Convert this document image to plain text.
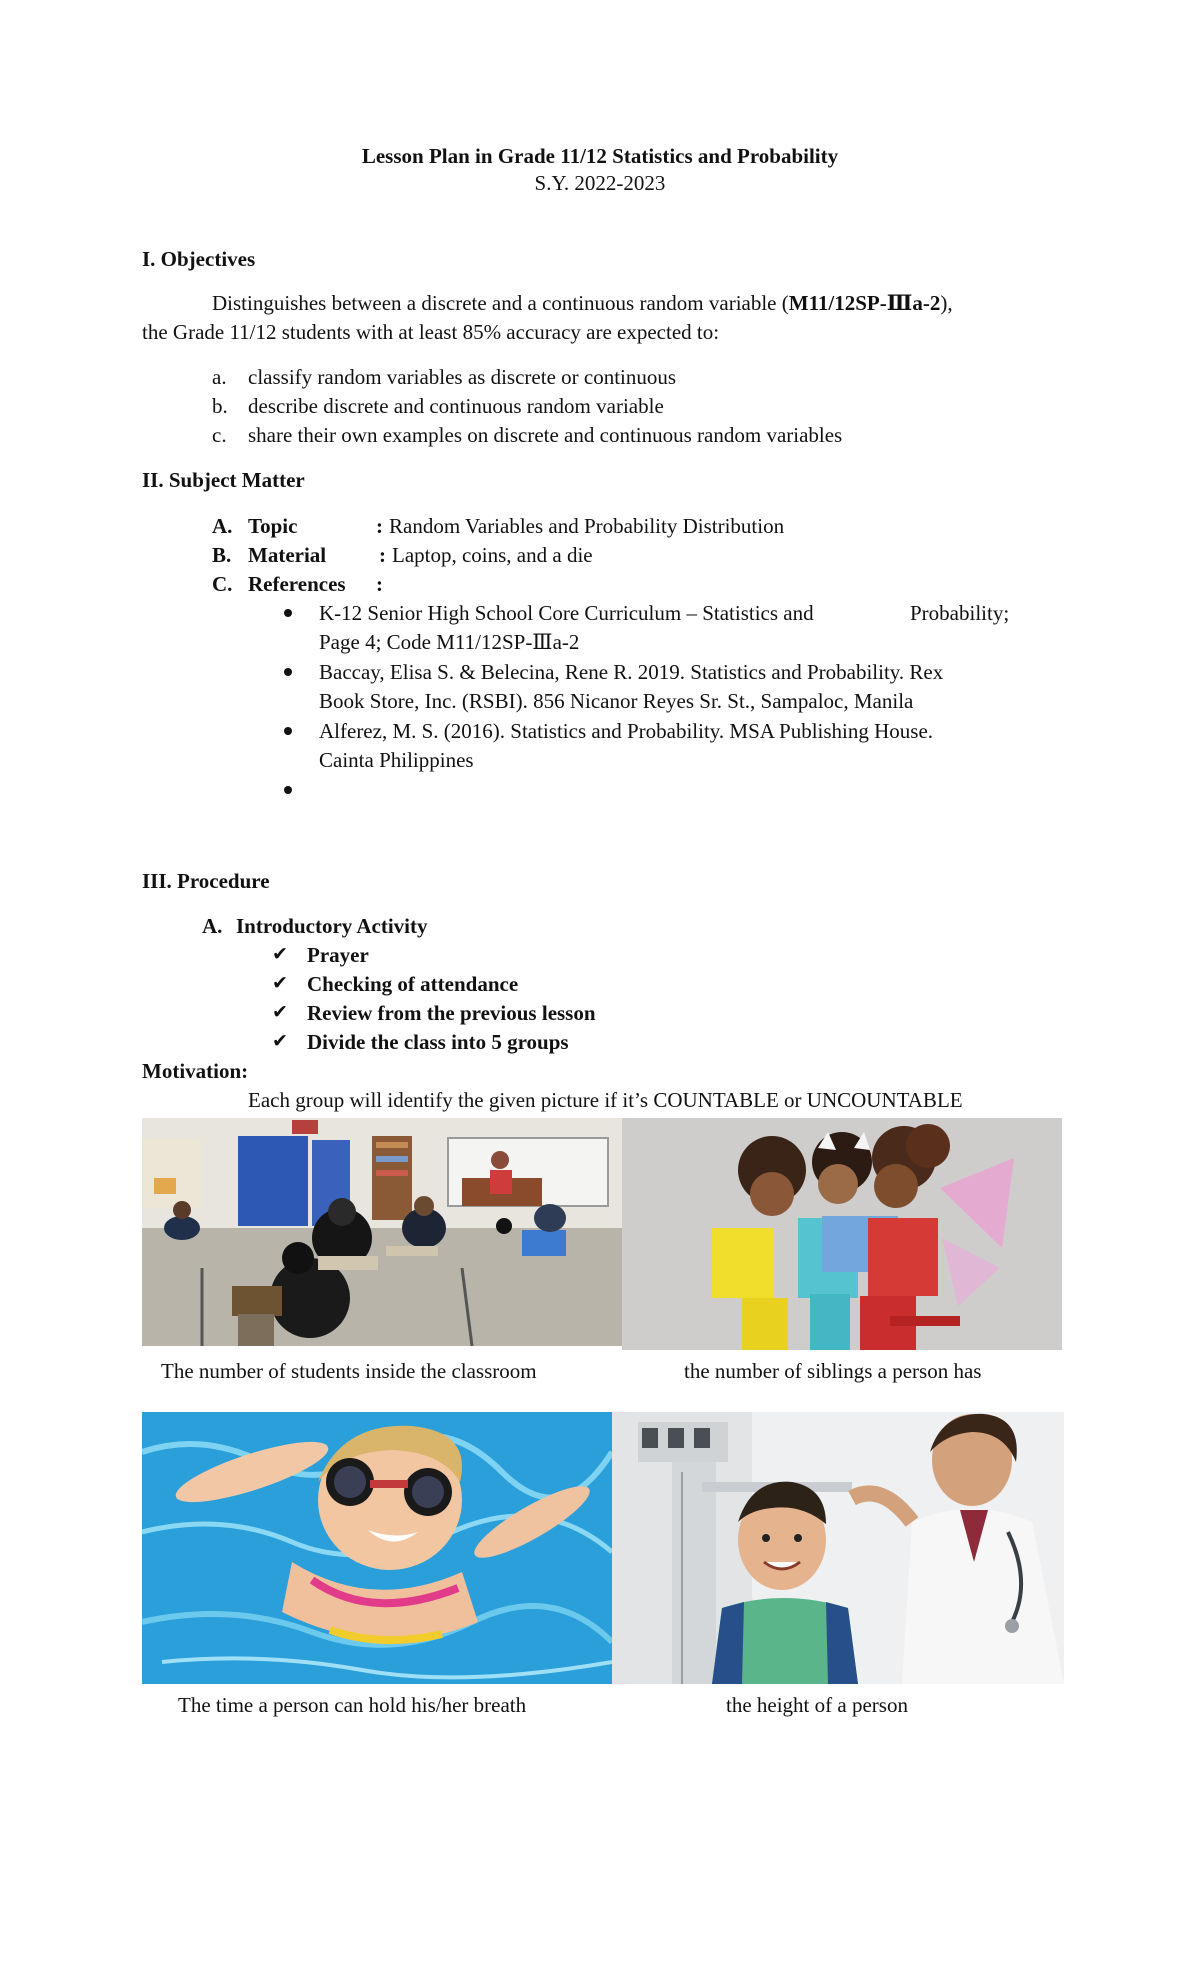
Lesson Plan in Grade 11/12 Statistics and Probability
S.Y. 2022-2023
I. Objectives
Distinguishes between a discrete and a continuous random variable (M11/12SP-Ⅲa-2),
the Grade 11/12 students with at least 85% accuracy are expected to:
a. classify random variables as discrete or continuous
b. describe discrete and continuous random variable
c. share their own examples on discrete and continuous random variables
II. Subject Matter
A. Topic	: Random Variables and Probability Distribution
B. Material	: Laptop, coins, and a die
C. References :
K-12 Senior High School Core Curriculum – Statistics and	Probability;
Page 4; Code M11/12SP-Ⅲa-2
Baccay, Elisa S. & Belecina, Rene R. 2019. Statistics and Probability. Rex
Book Store, Inc. (RSBI). 856 Nicanor Reyes Sr. St., Sampaloc, Manila
Alferez, M. S. (2016). Statistics and Probability. MSA Publishing House.
Cainta Philippines
III. Procedure
A. Introductory Activity
✔ Prayer
✔ Checking of attendance
✔ Review from the previous lesson
✔ Divide the class into 5 groups
Motivation:
Each group will identify the given picture if it’s COUNTABLE or UNCOUNTABLE
The number of students inside the classroom	the number of siblings a person has
The time a person can hold his/her breath	the height of a person
